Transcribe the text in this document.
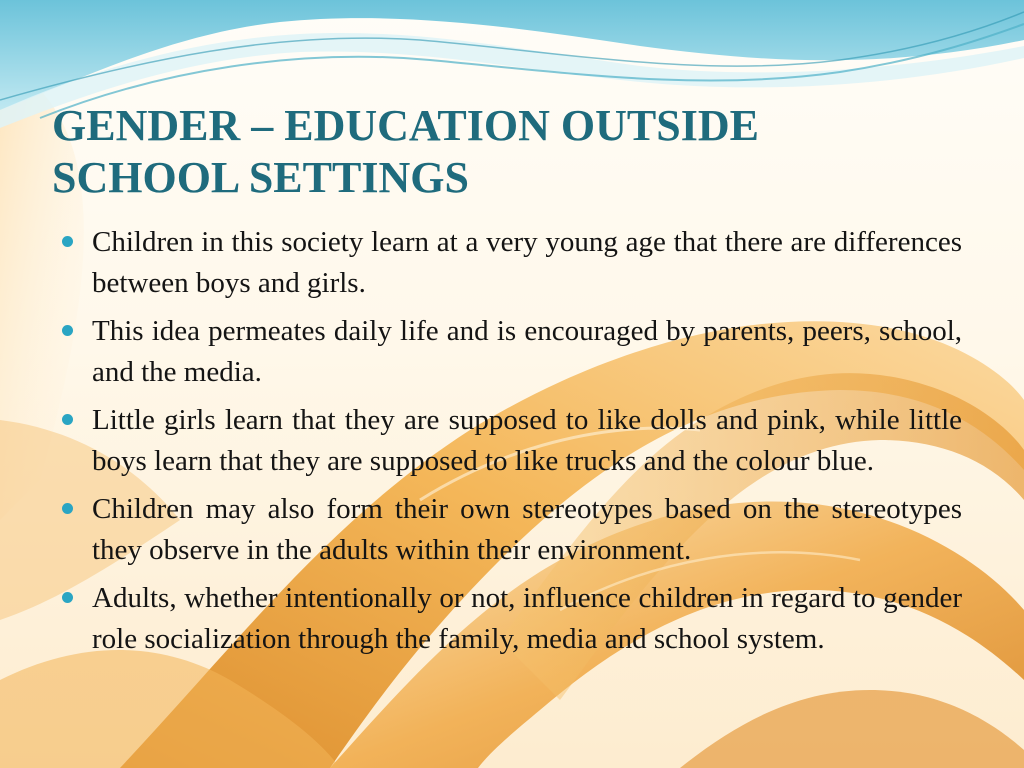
GENDER – EDUCATION OUTSIDE SCHOOL SETTINGS
Children in this society learn at a very young age that there are differences between boys and girls.
This idea permeates daily life and is encouraged by parents, peers, school, and the media.
Little girls learn that they are supposed to like dolls and pink, while little boys learn that they are supposed to like trucks and the colour blue.
Children may also form their own stereotypes based on the stereotypes they observe in the adults within their environment.
Adults, whether intentionally or not, influence children in regard to gender role socialization through the family, media and school system.
